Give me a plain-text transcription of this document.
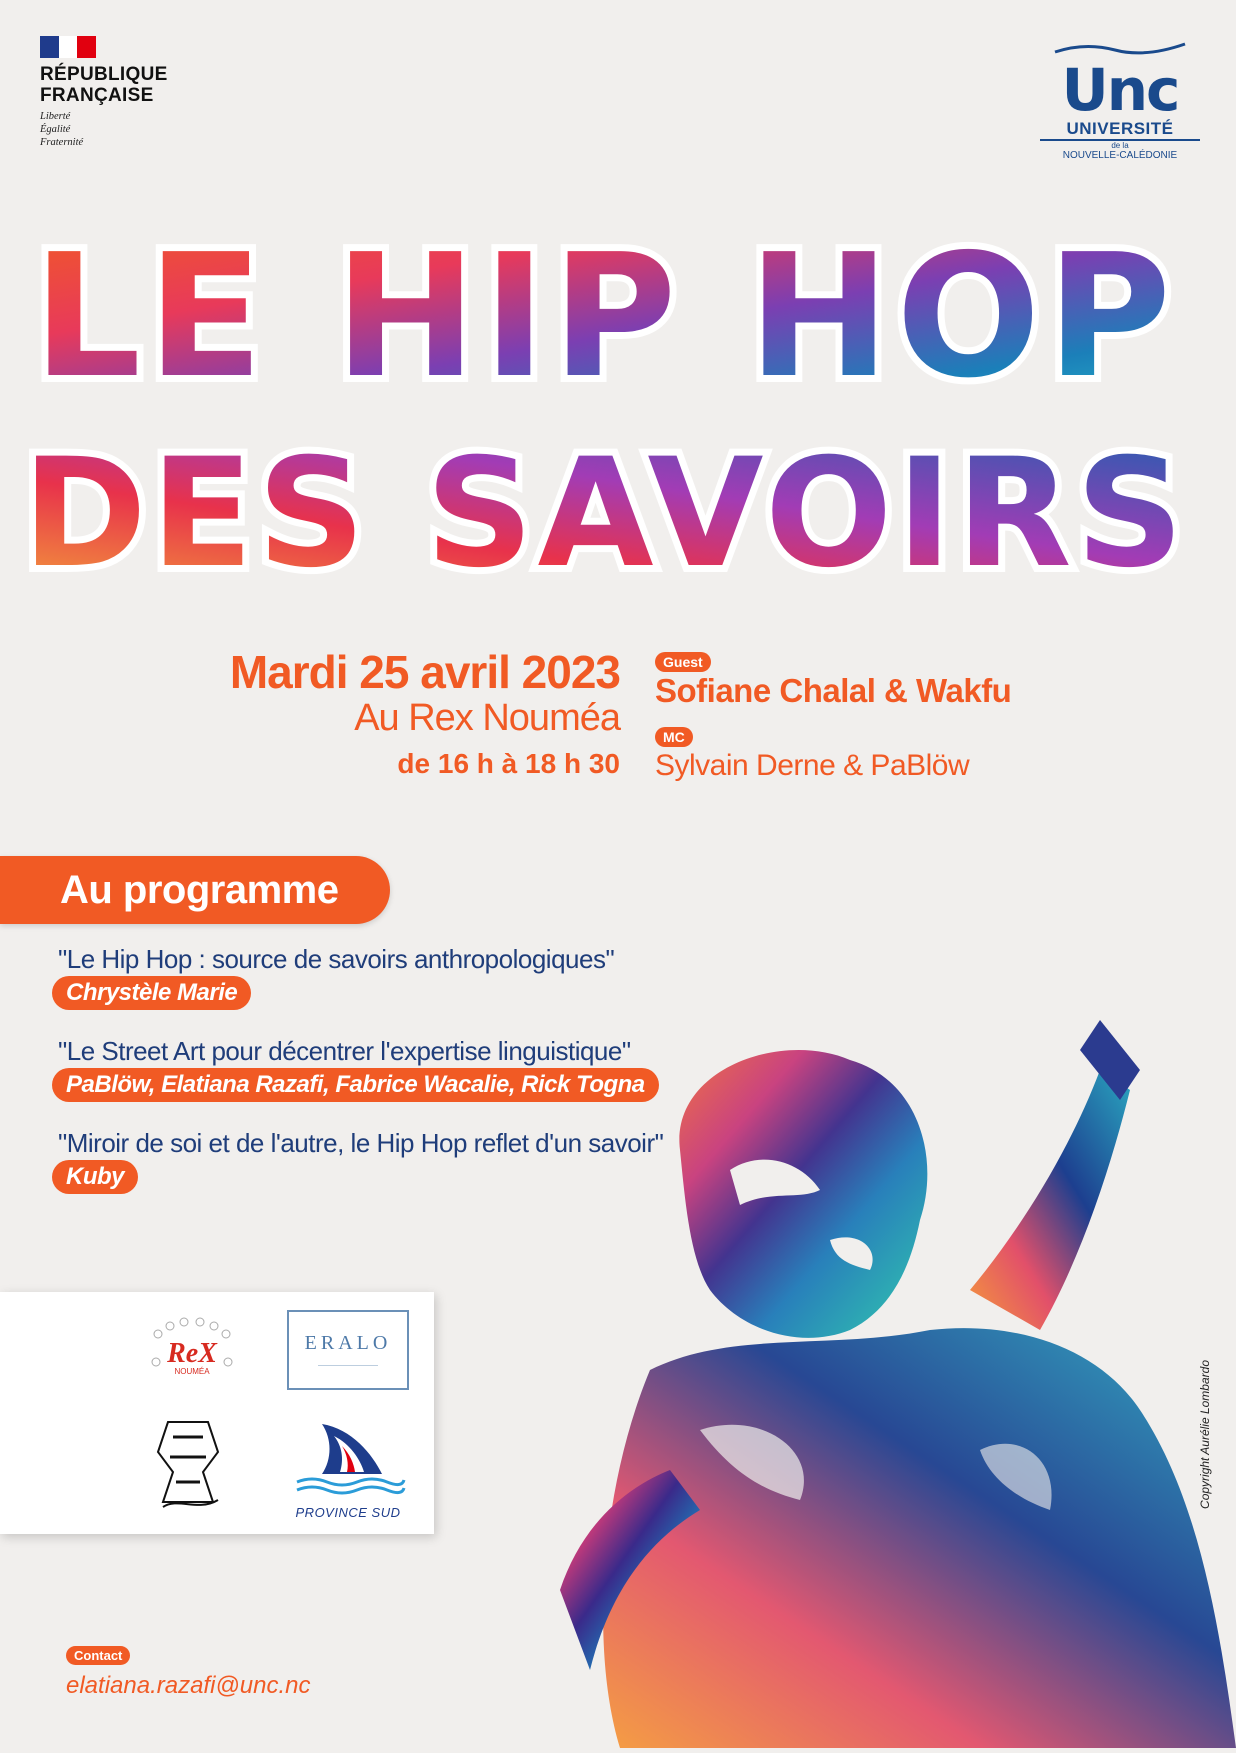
RÉPUBLIQUE
FRANÇAISE
Liberté
Égalité
Fraternité
Unc
UNIVERSITÉ
de la
NOUVELLE-CALÉDONIE
LE HIP HOP
DES SAVOIRS
Mardi 25 avril 2023
Au Rex Nouméa
de 16 h à 18 h 30
Guest
Sofiane Chalal & Wakfu
MC
Sylvain Derne & PaBlöw
Copyright Aurélie Lombardo
Au programme
"Le Hip Hop : source de savoirs anthropologiques"
Chrystèle Marie
"Le Street Art pour décentrer l'expertise linguistique"
PaBlöw, Elatiana Razafi, Fabrice Wacalie, Rick Togna
"Miroir de soi et de l'autre, le Hip Hop reflet d'un savoir"
Kuby
ReX
NOUMÉA
ERALO
——————————
PROVINCE SUD
Contact
elatiana.razafi@unc.nc
